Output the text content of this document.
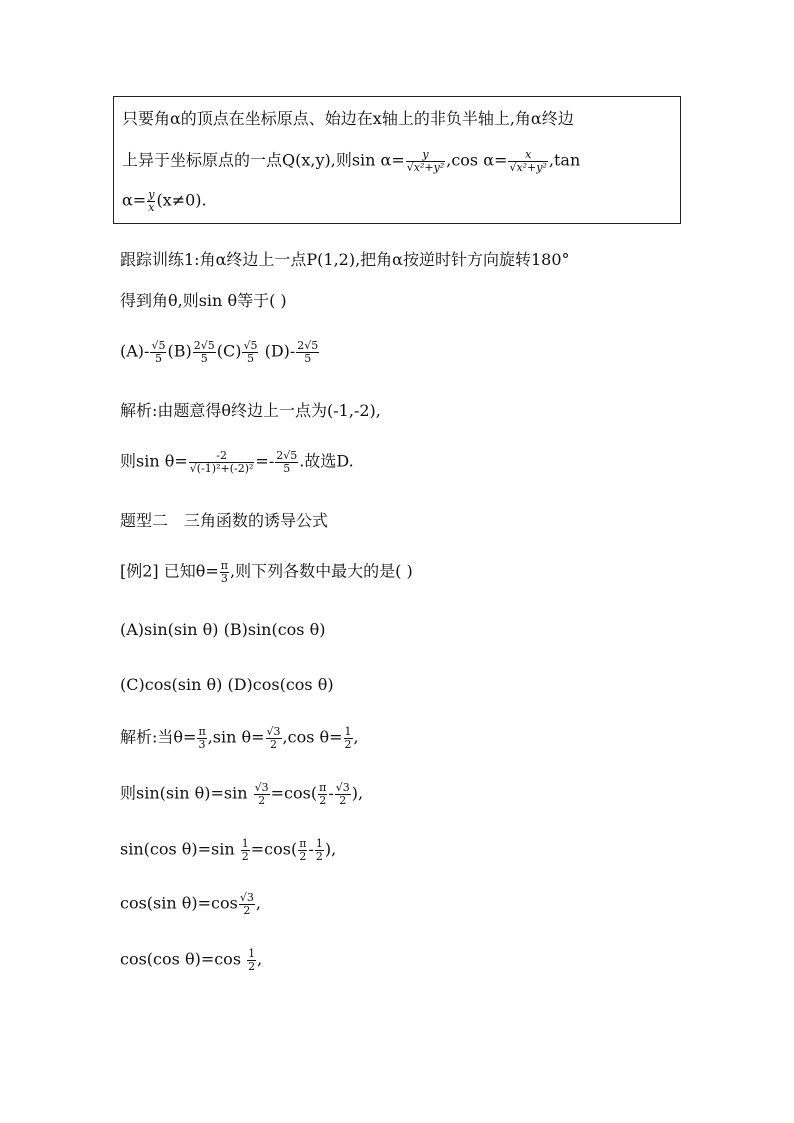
只要角α的顶点在坐标原点、始边在x轴上的非负半轴上,角α终边
上异于坐标原点的一点Q(x,y),则$\sin \alpha= \frac{y}{\text{√x²+y²}} ,\cos$ $\alpha= \frac{x}{\text{√x²+y²}} ,\tan$
$\alpha= \frac{y}{x} (x\ne 0)$.
跟踪训练1:角α终边上一点P(1,2),把角α按逆时针方向旋转180°
得到角θ,则sin θ等于( )
$(A)- \frac{√5}{5} (B) \frac{2√5}{5} (C) \frac{√5}{5} (D)- \frac{2√5}{5}$
解析:由题意得θ终边上一点为(-1,-2),
则$\sin \theta= \frac{-2}{\text{√(-1)²+(-2)²}} =- \frac{2√5}{5}$ .故选D.
题型二　三角函数的诱导公式
[例2] 已知$\theta= \frac{\pi}{3}$ ,则下列各数中最大的是( )
(A)sin(sin θ) (B)sin(cos θ)
(C)cos(sin θ) (D)cos(cos θ)
解析:当$\theta= \frac{\pi}{3} ,\sin$ $\theta= \frac{√3}{2} ,\cos$ $\theta= \frac{1}{2}$ ,
则sin(sin $\theta)=\sin \frac{√3}{2} =\cos( \frac{\pi}{2} - \frac{√3}{2}$ ),
sin(cos $\theta)=\sin \frac{1}{2} =\cos( \frac{\pi}{2} - \frac{1}{2}$ ),
cos(sin $\theta)=\cos \frac{√3}{2}$ ,
cos(cos $\theta)=\cos \frac{1}{2}$ ,
